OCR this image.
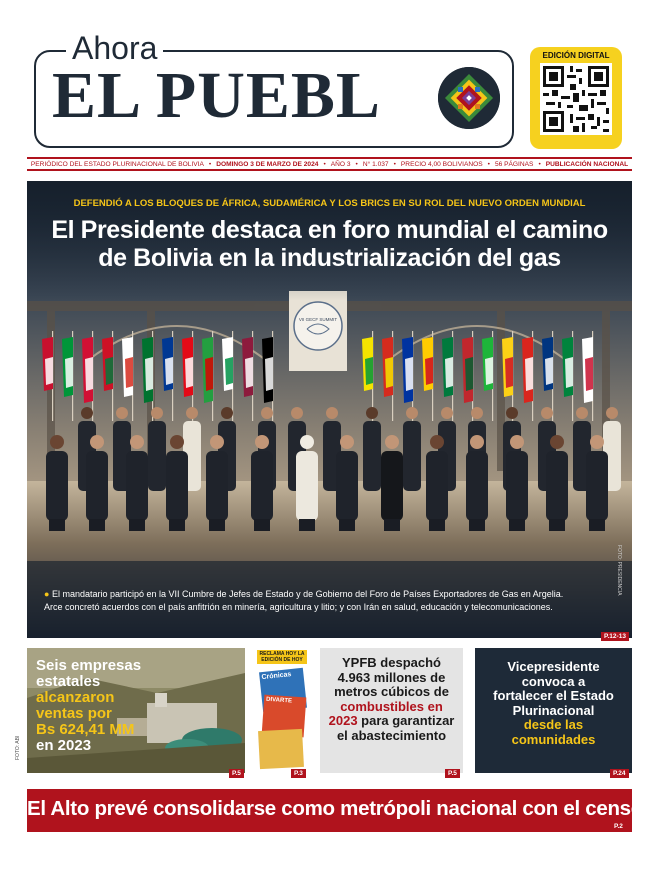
Ahora
EL PUEBL
EDICIÓN DIGITAL
PERIÓDICO DEL ESTADO PLURINACIONAL DE BOLIVIA • DOMINGO 3 DE MARZO DE 2024 • AÑO 3 • N° 1.037 • PRECIO 4,00 BOLIVIANOS • 56 PÁGINAS • PUBLICACIÓN NACIONAL
VII GECF SUMMIT
DEFENDIÓ A LOS BLOQUES DE ÁFRICA, SUDAMÉRICA Y LOS BRICS EN SU ROL DEL NUEVO ORDEN MUNDIAL
El Presidente destaca en foro mundial el camino
de Bolivia en la industrialización del gas
● El mandatario participó en la VII Cumbre de Jefes de Estado y de Gobierno del Foro de Países Exportadores de Gas en Argelia.
Arce concretó acuerdos con el país anfitrión en minería, agricultura y litio; y con Irán en salud, educación y telecomunicaciones.
P.12-13
FOTO: PRESIDENCIA
Seis empresas
estatales
alcanzaron
ventas por
Bs 624,41 MM
en 2023
P.5
FOTO: ABI
RECLAMA HOY LA EDICIÓN DE HOY
Crónicas
DIVARTE
P.3
YPFB despachó
4.963 millones de
metros cúbicos de
combustibles en
2023 para garantizar
el abastecimiento
P.5
Vicepresidente
convoca a
fortalecer el Estado
Plurinacional
desde las
comunidades
P.24
El Alto prevé consolidarse como metrópoli nacional con el censo
P.2
